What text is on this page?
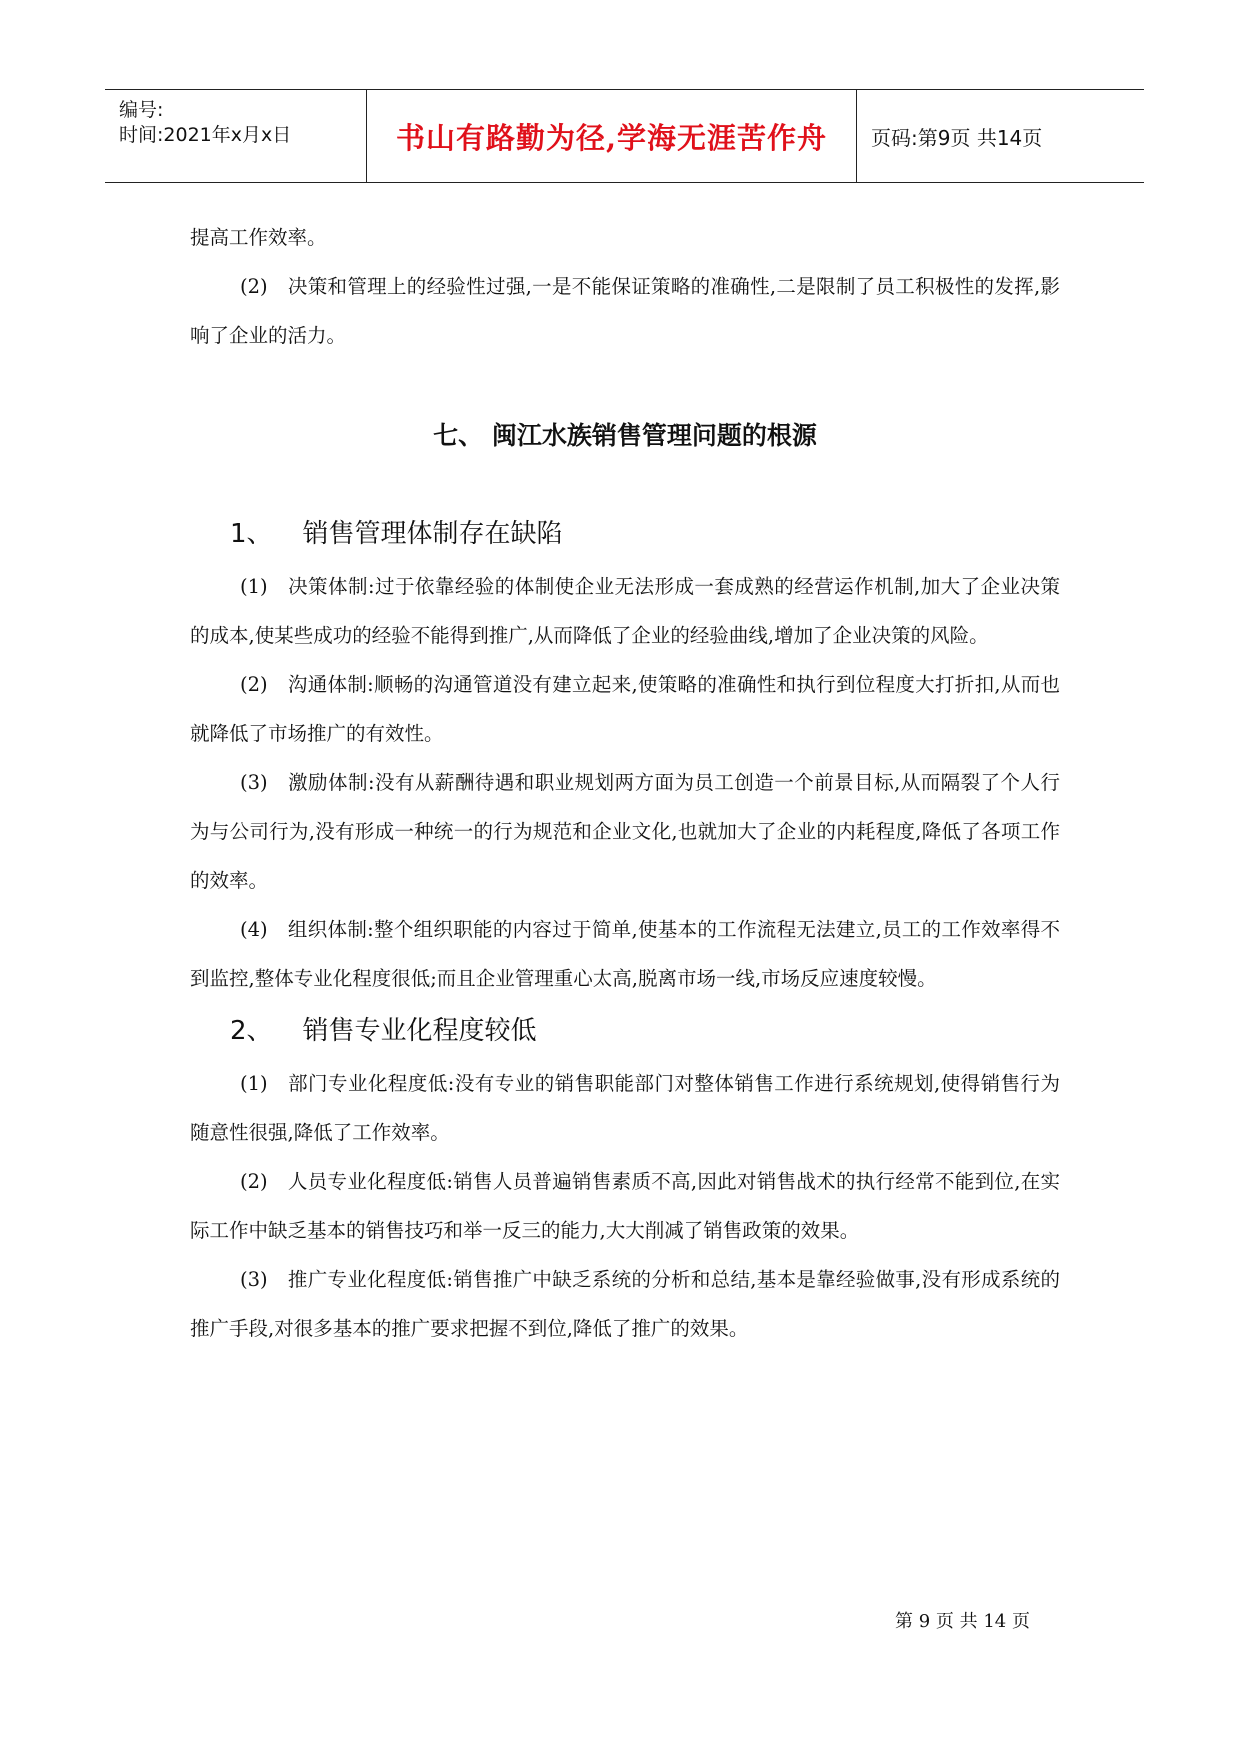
编号:
时间:2021年x月x日	书山有路勤为径,学海无涯苦作舟	页码:第9页 共14页

提高工作效率。

(2) 决策和管理上的经验性过强,一是不能保证策略的准确性,二是限制了员工积极性的发挥,影响了企业的活力。

七、 闽江水族销售管理问题的根源
1、 销售管理体制存在缺陷

(1) 决策体制:过于依靠经验的体制使企业无法形成一套成熟的经营运作机制,加大了企业决策的成本,使某些成功的经验不能得到推广,从而降低了企业的经验曲线,增加了企业决策的风险。

(2) 沟通体制:顺畅的沟通管道没有建立起来,使策略的准确性和执行到位程度大打折扣,从而也就降低了市场推广的有效性。

(3) 激励体制:没有从薪酬待遇和职业规划两方面为员工创造一个前景目标,从而隔裂了个人行为与公司行为,没有形成一种统一的行为规范和企业文化,也就加大了企业的内耗程度,降低了各项工作的效率。

(4) 组织体制:整个组织职能的内容过于简单,使基本的工作流程无法建立,员工的工作效率得不到监控,整体专业化程度很低;而且企业管理重心太高,脱离市场一线,市场反应速度较慢。

2、 销售专业化程度较低

(1) 部门专业化程度低:没有专业的销售职能部门对整体销售工作进行系统规划,使得销售行为随意性很强,降低了工作效率。

(2) 人员专业化程度低:销售人员普遍销售素质不高,因此对销售战术的执行经常不能到位,在实际工作中缺乏基本的销售技巧和举一反三的能力,大大削减了销售政策的效果。

(3) 推广专业化程度低:销售推广中缺乏系统的分析和总结,基本是靠经验做事,没有形成系统的推广手段,对很多基本的推广要求把握不到位,降低了推广的效果。

第 9 页 共 14 页
